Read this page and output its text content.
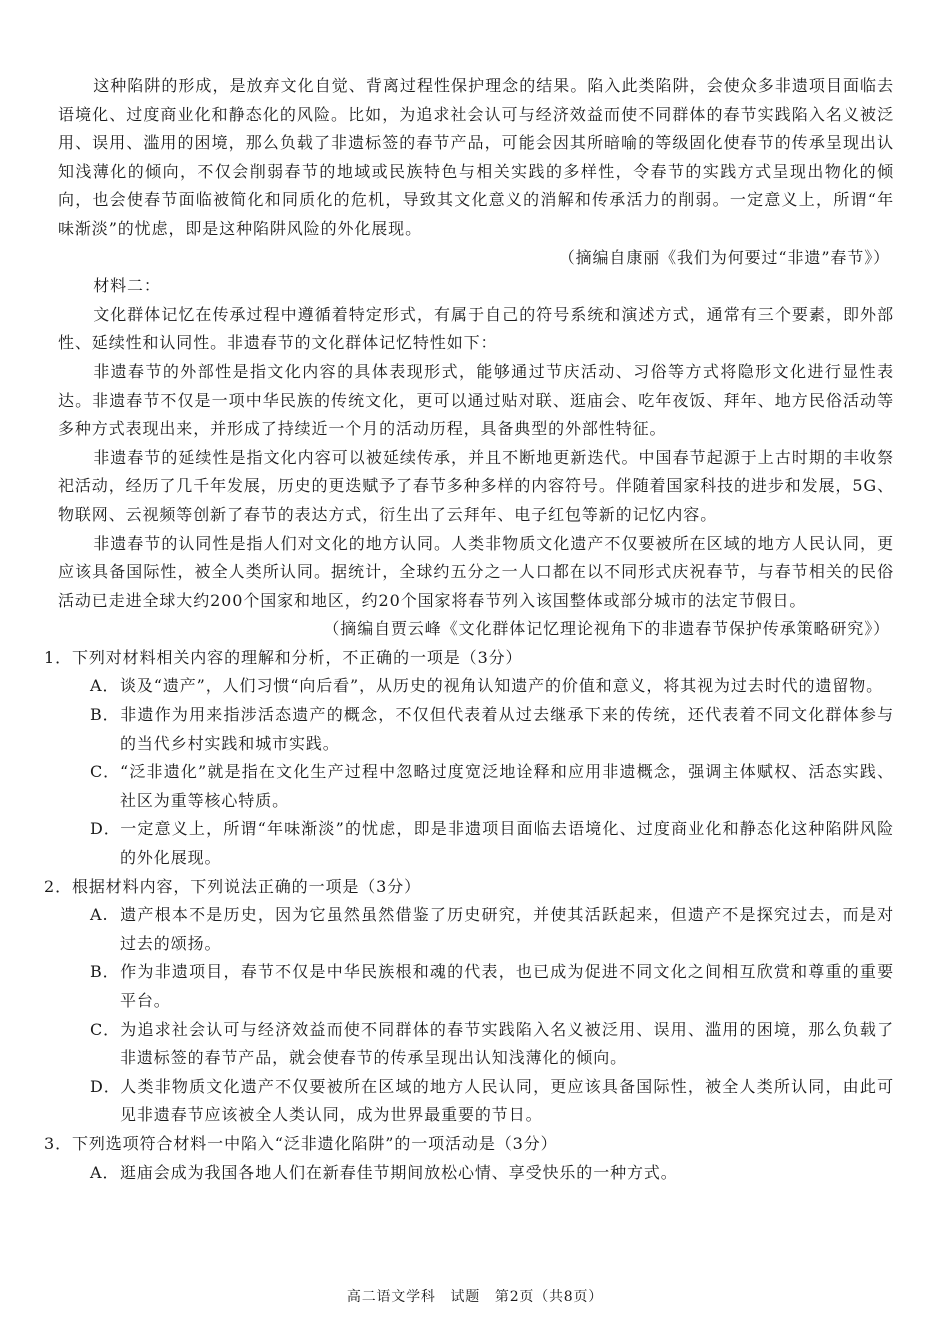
这种陷阱的形成，是放弃文化自觉、背离过程性保护理念的结果。陷入此类陷阱，会使众多非遗项目面临去语境化、过度商业化和静态化的风险。比如，为追求社会认可与经济效益而使不同群体的春节实践陷入名义被泛用、误用、滥用的困境，那么负载了非遗标签的春节产品，可能会因其所暗喻的等级固化使春节的传承呈现出认知浅薄化的倾向，不仅会削弱春节的地域或民族特色与相关实践的多样性，令春节的实践方式呈现出物化的倾向，也会使春节面临被简化和同质化的危机，导致其文化意义的消解和传承活力的削弱。一定意义上，所谓“年味渐淡”的忧虑，即是这种陷阱风险的外化展现。

（摘编自康丽《我们为何要过“非遗”春节》）

材料二：

文化群体记忆在传承过程中遵循着特定形式，有属于自己的符号系统和演述方式，通常有三个要素，即外部性、延续性和认同性。非遗春节的文化群体记忆特性如下：

非遗春节的外部性是指文化内容的具体表现形式，能够通过节庆活动、习俗等方式将隐形文化进行显性表达。非遗春节不仅是一项中华民族的传统文化，更可以通过贴对联、逛庙会、吃年夜饭、拜年、地方民俗活动等多种方式表现出来，并形成了持续近一个月的活动历程，具备典型的外部性特征。

非遗春节的延续性是指文化内容可以被延续传承，并且不断地更新迭代。中国春节起源于上古时期的丰收祭祀活动，经历了几千年发展，历史的更迭赋予了春节多种多样的内容符号。伴随着国家科技的进步和发展，5G、物联网、云视频等创新了春节的表达方式，衍生出了云拜年、电子红包等新的记忆内容。

非遗春节的认同性是指人们对文化的地方认同。人类非物质文化遗产不仅要被所在区域的地方人民认同，更应该具备国际性，被全人类所认同。据统计，全球约五分之一人口都在以不同形式庆祝春节，与春节相关的民俗活动已走进全球大约200个国家和地区，约20个国家将春节列入该国整体或部分城市的法定节假日。

（摘编自贾云峰《文化群体记忆理论视角下的非遗春节保护传承策略研究》）

1．下列对材料相关内容的理解和分析，不正确的一项是（3分）

A．谈及“遗产”，人们习惯“向后看”，从历史的视角认知遗产的价值和意义，将其视为过去时代的遗留物。

B．非遗作为用来指涉活态遗产的概念，不仅但代表着从过去继承下来的传统，还代表着不同文化群体参与的当代乡村实践和城市实践。

C．“泛非遗化”就是指在文化生产过程中忽略过度宽泛地诠释和应用非遗概念，强调主体赋权、活态实践、社区为重等核心特质。

D．一定意义上，所谓“年味渐淡”的忧虑，即是非遗项目面临去语境化、过度商业化和静态化这种陷阱风险的外化展现。

2．根据材料内容，下列说法正确的一项是（3分）

A. 遗产根本不是历史，因为它虽然虽然借鉴了历史研究，并使其活跃起来，但遗产不是探究过去，而是对过去的颂扬。

B．作为非遗项目，春节不仅是中华民族根和魂的代表，也已成为促进不同文化之间相互欣赏和尊重的重要平台。

C．为追求社会认可与经济效益而使不同群体的春节实践陷入名义被泛用、误用、滥用的困境，那么负载了非遗标签的春节产品，就会使春节的传承呈现出认知浅薄化的倾向。

D．人类非物质文化遗产不仅要被所在区域的地方人民认同，更应该具备国际性，被全人类所认同，由此可见非遗春节应该被全人类认同，成为世界最重要的节日。

3．下列选项符合材料一中陷入“泛非遗化陷阱”的一项活动是（3分）

A．逛庙会成为我国各地人们在新春佳节期间放松心情、享受快乐的一种方式。

高二语文学科　试题　第2页（共8页）
